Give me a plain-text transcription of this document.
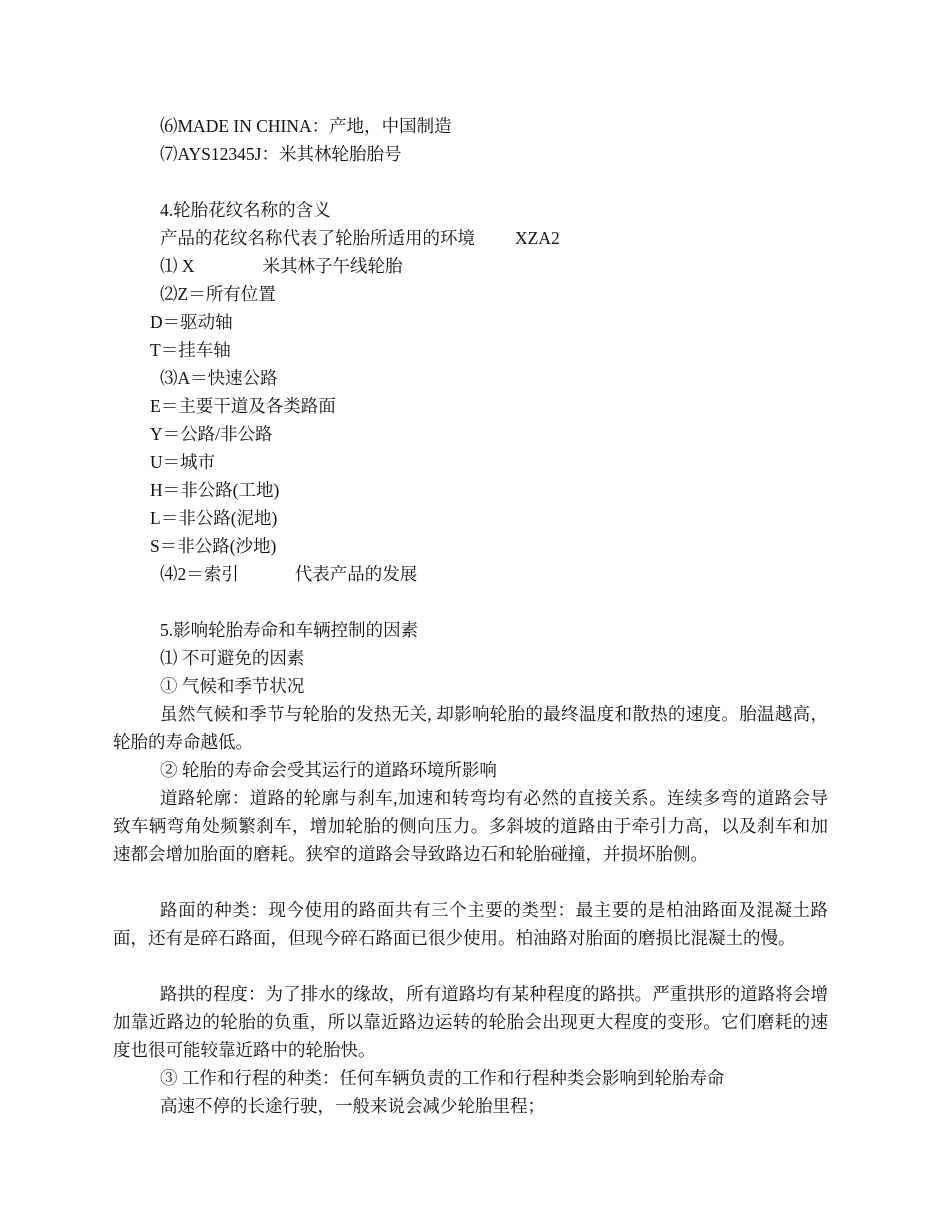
⑹MADE IN CHINA：产地，中国制造
⑺AYS12345J：米其林轮胎胎号
4.轮胎花纹名称的含义
产品的花纹名称代表了轮胎所适用的环境 XZA2
⑴ X	米其林子午线轮胎
⑵Z＝所有位置
D＝驱动轴
T＝挂车轴
⑶A＝快速公路
E＝主要干道及各类路面
Y＝公路/非公路
U＝城市
H＝非公路(工地)
L＝非公路(泥地)
S＝非公路(沙地)
⑷2＝索引	代表产品的发展
5.影响轮胎寿命和车辆控制的因素
⑴ 不可避免的因素
① 气候和季节状况
虽然气候和季节与轮胎的发热无关, 却影响轮胎的最终温度和散热的速度。胎温越高，轮胎的寿命越低。
② 轮胎的寿命会受其运行的道路环境所影响
道路轮廓：道路的轮廓与刹车,加速和转弯均有必然的直接关系。连续多弯的道路会导致车辆弯角处频繁刹车，增加轮胎的侧向压力。多斜坡的道路由于牵引力高，以及刹车和加速都会增加胎面的磨耗。狭窄的道路会导致路边石和轮胎碰撞，并损坏胎侧。
路面的种类：现今使用的路面共有三个主要的类型：最主要的是柏油路面及混凝土路面，还有是碎石路面，但现今碎石路面已很少使用。柏油路对胎面的磨损比混凝土的慢。
路拱的程度：为了排水的缘故，所有道路均有某种程度的路拱。严重拱形的道路将会增加靠近路边的轮胎的负重，所以靠近路边运转的轮胎会出现更大程度的变形。它们磨耗的速度也很可能较靠近路中的轮胎快。
③ 工作和行程的种类：任何车辆负责的工作和行程种类会影响到轮胎寿命
高速不停的长途行驶，一般来说会减少轮胎里程；
